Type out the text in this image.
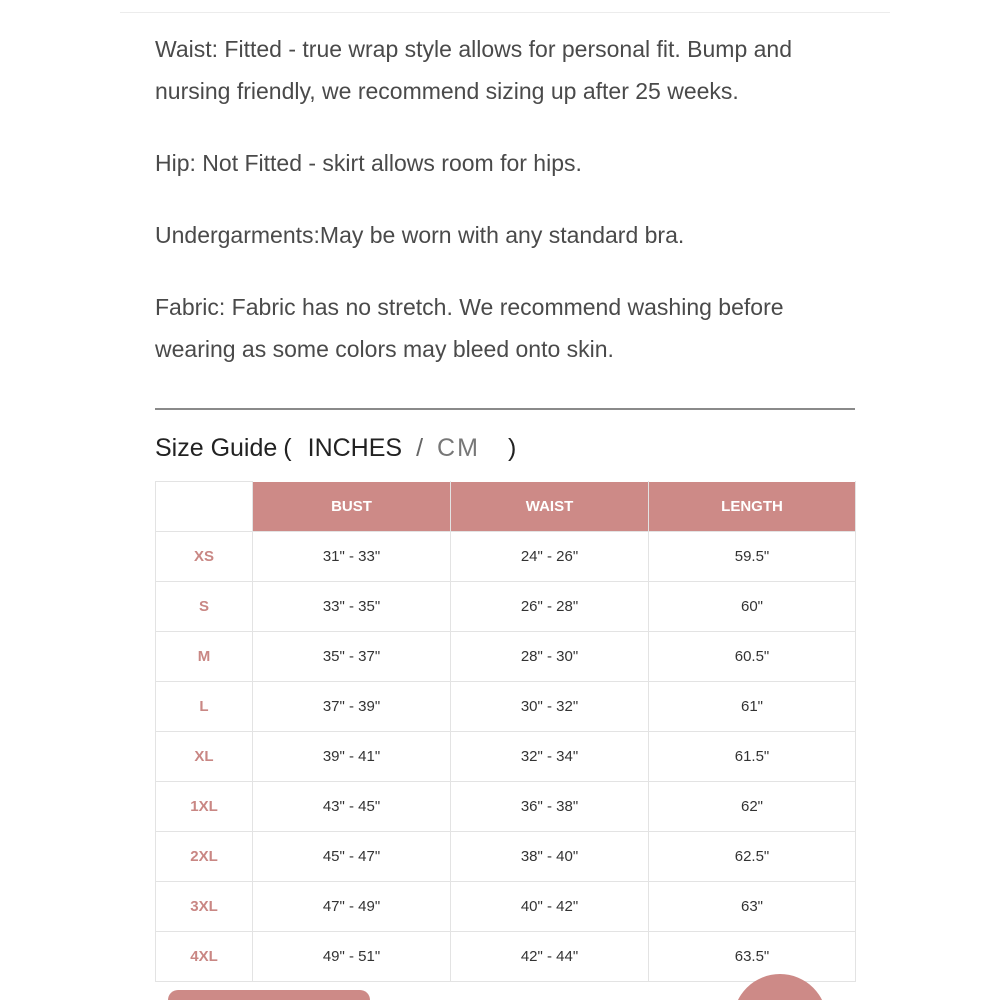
Waist: Fitted - true wrap style allows for personal fit. Bump and nursing friendly, we recommend sizing up after 25 weeks.

Hip: Not Fitted - skirt allows room for hips.

Undergarments:May be worn with any standard bra.

Fabric: Fabric has no stretch. We recommend washing before wearing as some colors may bleed onto skin.

Size Guide ( INCHES / CM )
	BUST	WAIST	LENGTH
XS	31" - 33"	24" - 26"	59.5"
S	33" - 35"	26" - 28"	60"
M	35" - 37"	28" - 30"	60.5"
L	37" - 39"	30" - 32"	61"
XL	39" - 41"	32" - 34"	61.5"
1XL	43" - 45"	36" - 38"	62"
2XL	45" - 47"	38" - 40"	62.5"
3XL	47" - 49"	40" - 42"	63"
4XL	49" - 51"	42" - 44"	63.5"
